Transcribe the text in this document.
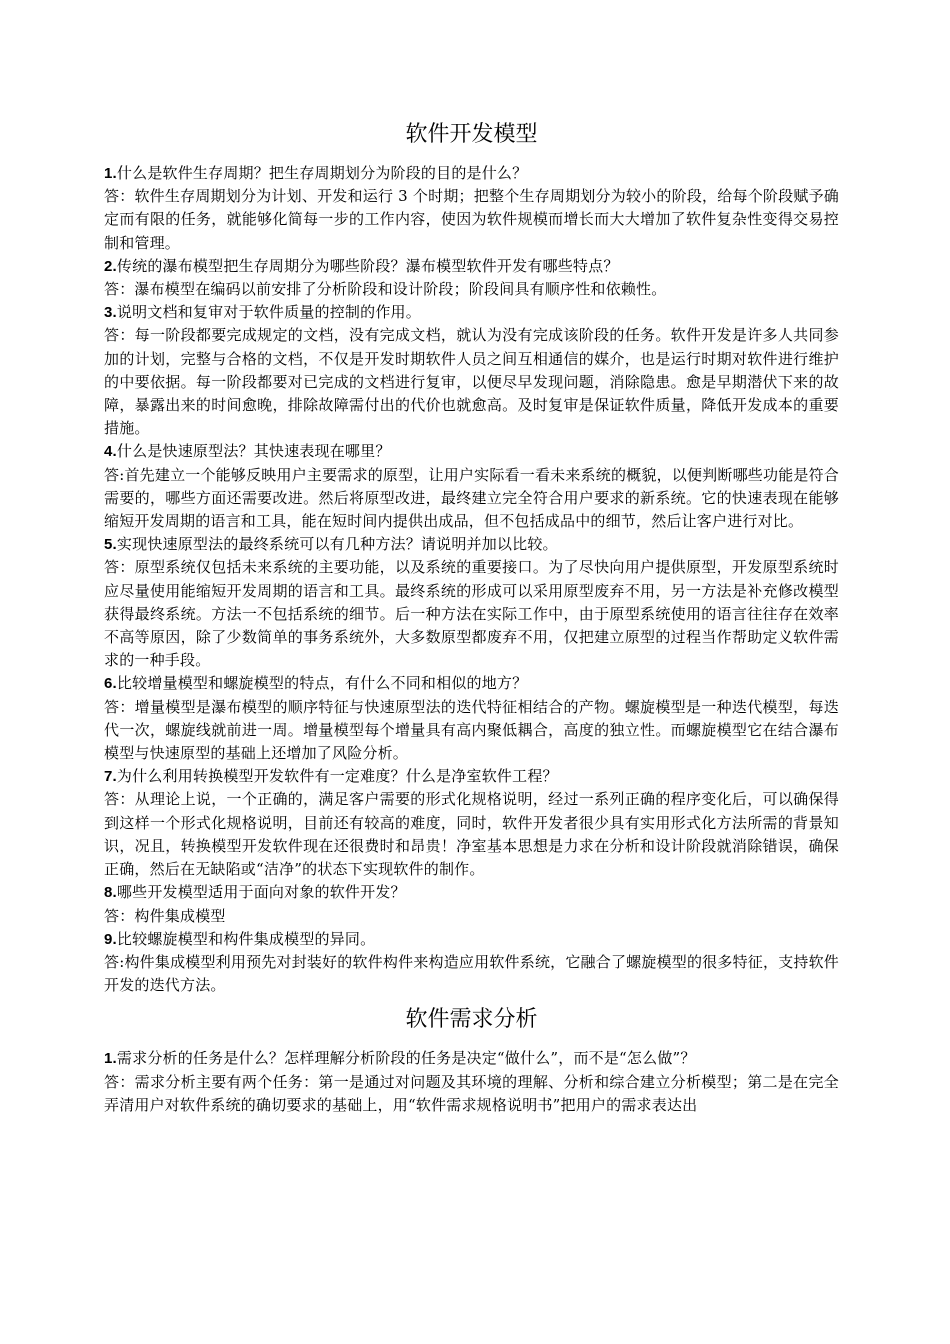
软件开发模型

1.什么是软件生存周期？把生存周期划分为阶段的目的是什么？

答：软件生存周期划分为计划、开发和运行 3 个时期；把整个生存周期划分为较小的阶段，给每个阶段赋予确定而有限的任务，就能够化简每一步的工作内容，使因为软件规模而增长而大大增加了软件复杂性变得交易控制和管理。

2.传统的瀑布模型把生存周期分为哪些阶段？瀑布模型软件开发有哪些特点？

答：瀑布模型在编码以前安排了分析阶段和设计阶段；阶段间具有顺序性和依赖性。

3.说明文档和复审对于软件质量的控制的作用。

答：每一阶段都要完成规定的文档，没有完成文档，就认为没有完成该阶段的任务。软件开发是许多人共同参加的计划，完整与合格的文档，不仅是开发时期软件人员之间互相通信的媒介，也是运行时期对软件进行维护的中要依据。每一阶段都要对已完成的文档进行复审，以便尽早发现问题，消除隐患。愈是早期潜伏下来的故障，暴露出来的时间愈晚，排除故障需付出的代价也就愈高。及时复审是保证软件质量，降低开发成本的重要措施。

4.什么是快速原型法？其快速表现在哪里？

答:首先建立一个能够反映用户主要需求的原型，让用户实际看一看未来系统的概貌，以便判断哪些功能是符合需要的，哪些方面还需要改进。然后将原型改进，最终建立完全符合用户要求的新系统。它的快速表现在能够缩短开发周期的语言和工具，能在短时间内提供出成品，但不包括成品中的细节，然后让客户进行对比。

5.实现快速原型法的最终系统可以有几种方法？请说明并加以比较。

答：原型系统仅包括未来系统的主要功能，以及系统的重要接口。为了尽快向用户提供原型，开发原型系统时应尽量使用能缩短开发周期的语言和工具。最终系统的形成可以采用原型废弃不用，另一方法是补充修改模型获得最终系统。方法一不包括系统的细节。后一种方法在实际工作中，由于原型系统使用的语言往往存在效率不高等原因，除了少数简单的事务系统外，大多数原型都废弃不用，仅把建立原型的过程当作帮助定义软件需求的一种手段。

6.比较增量模型和螺旋模型的特点，有什么不同和相似的地方？

答：增量模型是瀑布模型的顺序特征与快速原型法的迭代特征相结合的产物。螺旋模型是一种迭代模型，每迭代一次，螺旋线就前进一周。增量模型每个增量具有高内聚低耦合，高度的独立性。而螺旋模型它在结合瀑布模型与快速原型的基础上还增加了风险分析。

7.为什么利用转换模型开发软件有一定难度？什么是净室软件工程？

答：从理论上说，一个正确的，满足客户需要的形式化规格说明，经过一系列正确的程序变化后，可以确保得到这样一个形式化规格说明，目前还有较高的难度，同时，软件开发者很少具有实用形式化方法所需的背景知识，况且，转换模型开发软件现在还很费时和昂贵！净室基本思想是力求在分析和设计阶段就消除错误，确保正确，然后在无缺陷或“洁净”的状态下实现软件的制作。

8.哪些开发模型适用于面向对象的软件开发？

答：构件集成模型

9.比较螺旋模型和构件集成模型的异同。

答:构件集成模型利用预先对封装好的软件构件来构造应用软件系统，它融合了螺旋模型的很多特征，支持软件开发的迭代方法。

软件需求分析

1.需求分析的任务是什么？怎样理解分析阶段的任务是决定“做什么”，而不是“怎么做”？

答：需求分析主要有两个任务：第一是通过对问题及其环境的理解、分析和综合建立分析模型；第二是在完全弄清用户对软件系统的确切要求的基础上，用“软件需求规格说明书”把用户的需求表达出
